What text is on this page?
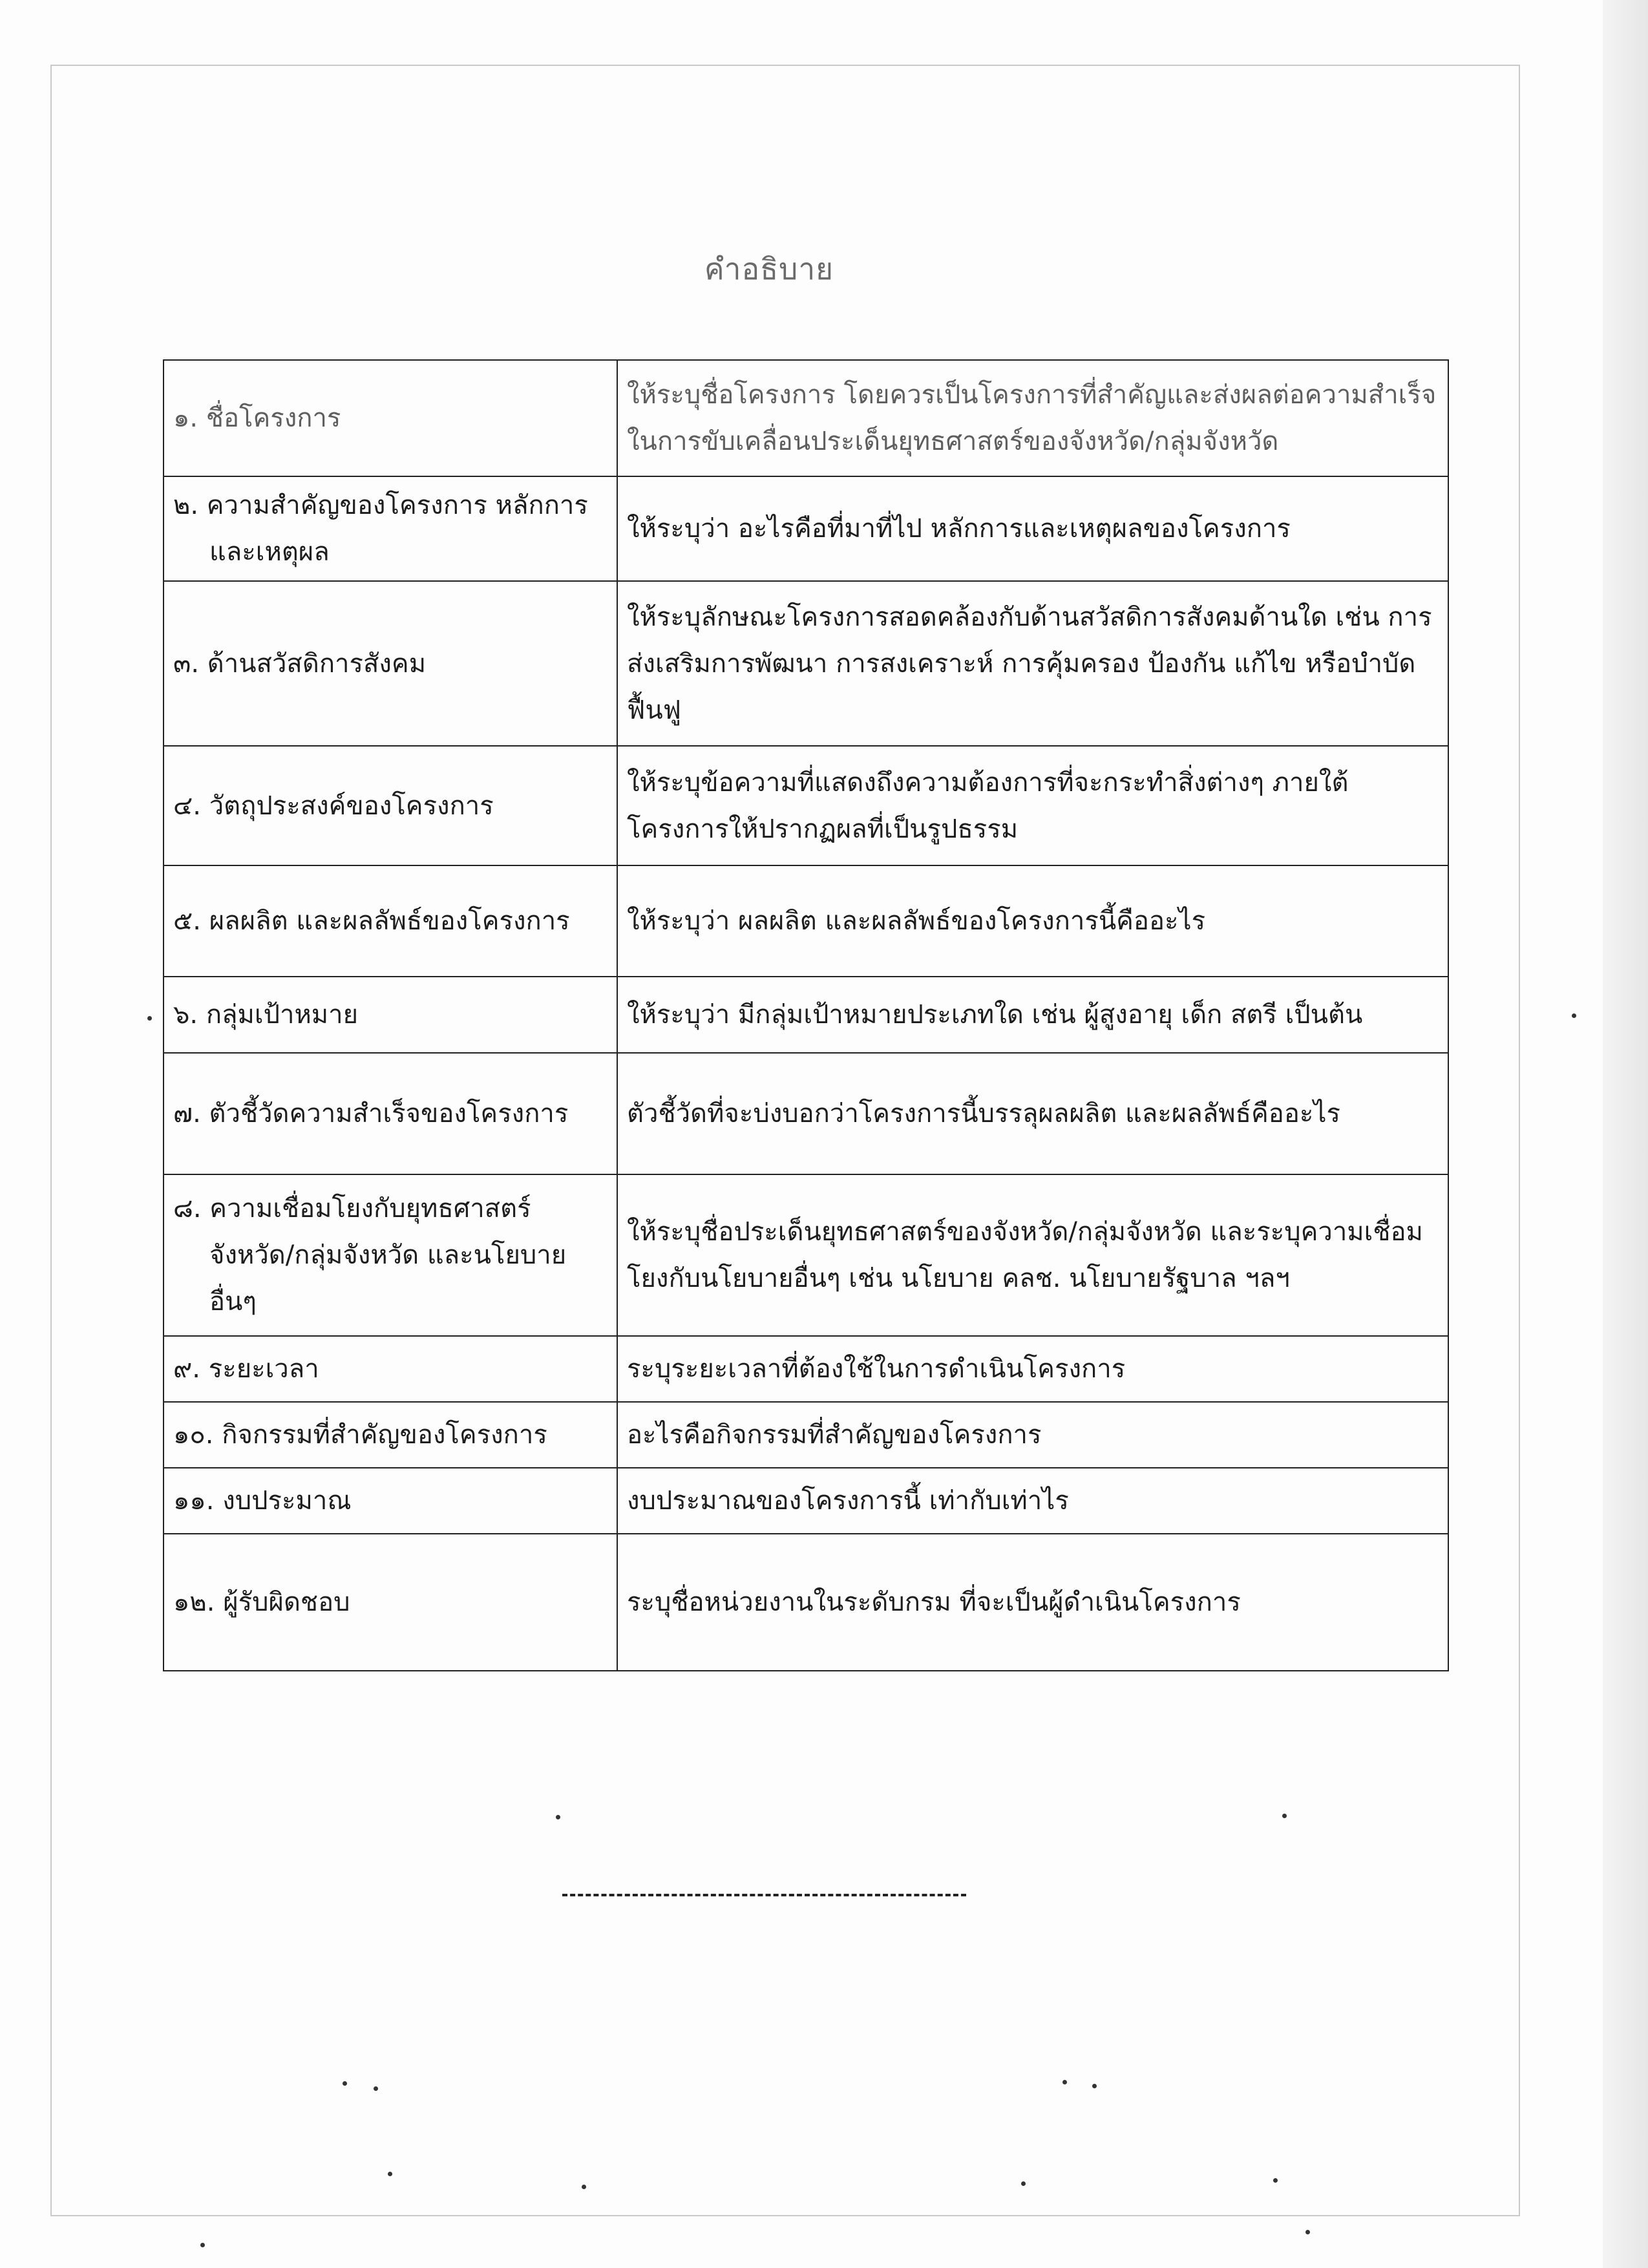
คำอธิบาย
๑. ชื่อโครงการ	ให้ระบุชื่อโครงการ โดยควรเป็นโครงการที่สำคัญและส่งผลต่อความสำเร็จในการขับเคลื่อนประเด็นยุทธศาสตร์ของจังหวัด/กลุ่มจังหวัด

๒. ความสำคัญของโครงการ หลักการและเหตุผล	ให้ระบุว่า อะไรคือที่มาที่ไป หลักการและเหตุผลของโครงการ

๓. ด้านสวัสดิการสังคม	ให้ระบุลักษณะโครงการสอดคล้องกับด้านสวัสดิการสังคมด้านใด เช่น การส่งเสริมการพัฒนา การสงเคราะห์ การคุ้มครอง ป้องกัน แก้ไข หรือบำบัดฟื้นฟู

๔. วัตถุประสงค์ของโครงการ	ให้ระบุข้อความที่แสดงถึงความต้องการที่จะกระทำสิ่งต่างๆ ภายใต้โครงการให้ปรากฏผลที่เป็นรูปธรรม

๕. ผลผลิต และผลลัพธ์ของโครงการ	ให้ระบุว่า ผลผลิต และผลลัพธ์ของโครงการนี้คืออะไร

๖. กลุ่มเป้าหมาย	ให้ระบุว่า มีกลุ่มเป้าหมายประเภทใด เช่น ผู้สูงอายุ เด็ก สตรี เป็นต้น

๗. ตัวชี้วัดความสำเร็จของโครงการ	ตัวชี้วัดที่จะบ่งบอกว่าโครงการนี้บรรลุผลผลิต และผลลัพธ์คืออะไร

๘. ความเชื่อมโยงกับยุทธศาสตร์ จังหวัด/กลุ่มจังหวัด และนโยบาย อื่นๆ	ให้ระบุชื่อประเด็นยุทธศาสตร์ของจังหวัด/กลุ่มจังหวัด และระบุความเชื่อมโยงกับนโยบายอื่นๆ เช่น นโยบาย คลช. นโยบายรัฐบาล ฯลฯ

๙. ระยะเวลา	ระบุระยะเวลาที่ต้องใช้ในการดำเนินโครงการ

๑๐. กิจกรรมที่สำคัญของโครงการ	อะไรคือกิจกรรมที่สำคัญของโครงการ

๑๑. งบประมาณ	งบประมาณของโครงการนี้ เท่ากับเท่าไร

๑๒. ผู้รับผิดชอบ	ระบุชื่อหน่วยงานในระดับกรม ที่จะเป็นผู้ดำเนินโครงการ
